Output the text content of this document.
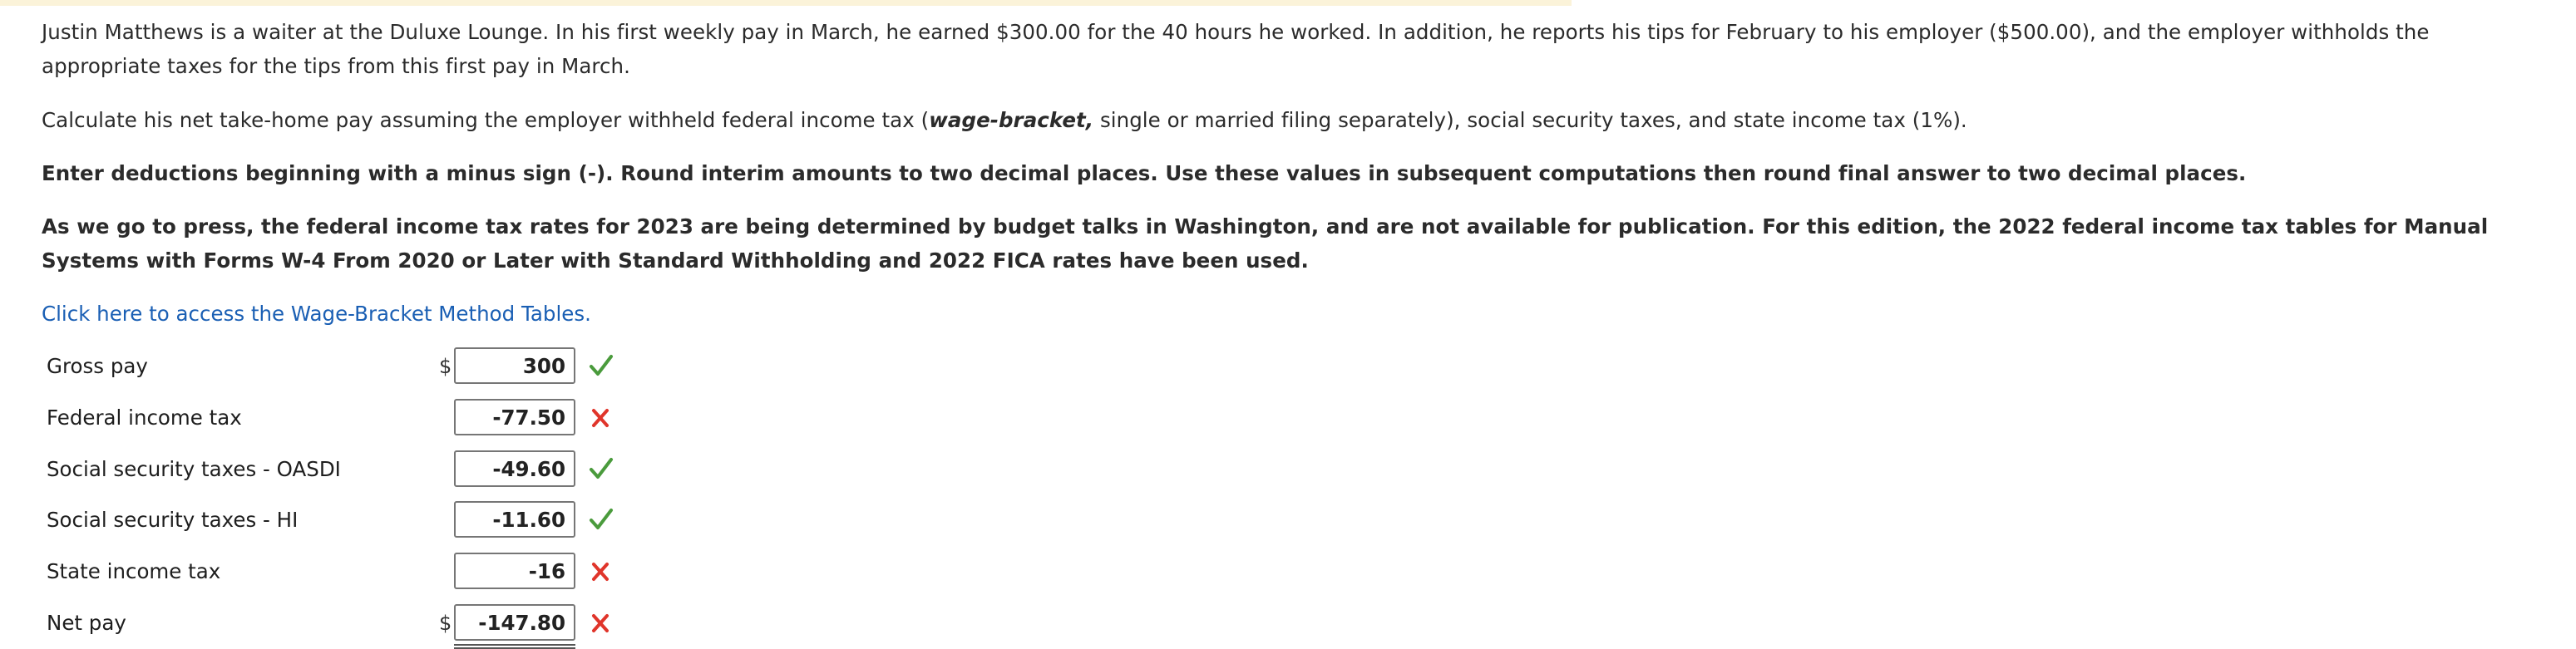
Justin Matthews is a waiter at the Duluxe Lounge. In his first weekly pay in March, he earned $300.00 for the 40 hours he worked. In addition, he reports his tips for February to his employer ($500.00), and the employer withholds the appropriate taxes for the tips from this first pay in March.

Calculate his net take-home pay assuming the employer withheld federal income tax (wage-bracket, single or married filing separately), social security taxes, and state income tax (1%).

Enter deductions beginning with a minus sign (-). Round interim amounts to two decimal places. Use these values in subsequent computations then round final answer to two decimal places.

As we go to press, the federal income tax rates for 2023 are being determined by budget talks in Washington, and are not available for publication. For this edition, the 2022 federal income tax tables for Manual Systems with Forms W-4 From 2020 or Later with Standard Withholding and 2022 FICA rates have been used.

Click here to access the Wage-Bracket Method Tables.
Gross pay	$
300
Federal income tax
-77.50
Social security taxes - OASDI
-49.60
Social security taxes - HI
-11.60
State income tax
-16
Net pay	$
-147.80
